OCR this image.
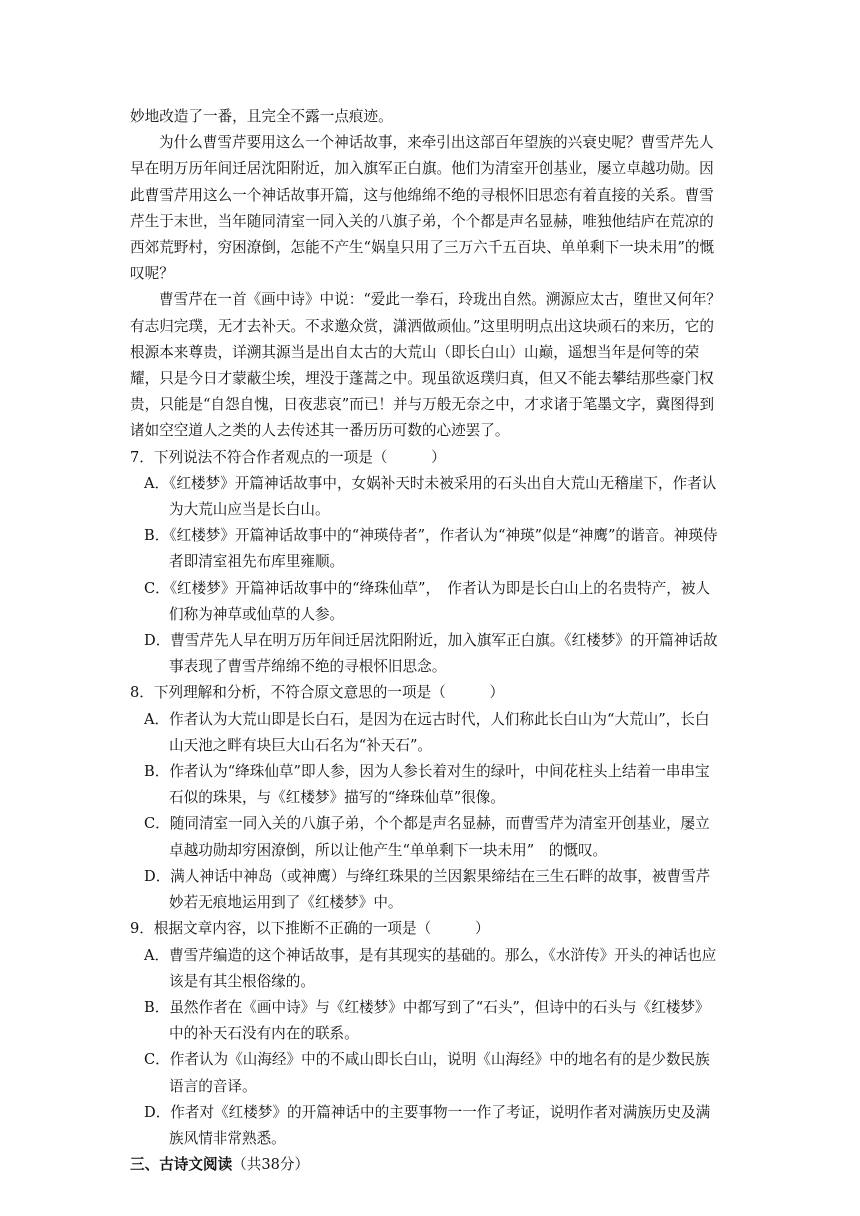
妙地改造了一番，且完全不露一点痕迹。

为什么曹雪芹要用这么一个神话故事，来牵引出这部百年望族的兴衰史呢？曹雪芹先人早在明万历年间迁居沈阳附近，加入旗军正白旗。他们为清室开创基业，屡立卓越功勋。因此曹雪芹用这么一个神话故事开篇，这与他绵绵不绝的寻根怀旧思恋有着直接的关系。曹雪芹生于末世，当年随同清室一同入关的八旗子弟，个个都是声名显赫，唯独他结庐在荒凉的西郊荒野村，穷困潦倒，怎能不产生“娲皇只用了三万六千五百块、单单剩下一块未用”的慨叹呢？

曹雪芹在一首《画中诗》中说：“爱此一拳石，玲珑出自然。溯源应太古，堕世又何年？有志归完璞，无才去补天。不求邀众赏，潇洒做顽仙。”这里明明点出这块顽石的来历，它的根源本来尊贵，详溯其源当是出自太古的大荒山（即长白山）山巅，遥想当年是何等的荣耀，只是今日才蒙蔽尘埃，埋没于蓬蒿之中。现虽欲返璞归真，但又不能去攀结那些豪门权贵，只能是“自怨自愧，日夜悲哀”而已！并与万般无奈之中，才求诸于笔墨文字，冀图得到诸如空空道人之类的人去传述其一番历历可数的心迹罢了。

7．下列说法不符合作者观点的一项是（　　　）

A．《红楼梦》开篇神话故事中，女娲补天时未被采用的石头出自大荒山无稽崖下，作者认为大荒山应当是长白山。

B．《红楼梦》开篇神话故事中的“神瑛侍者”，作者认为“神瑛”似是“神鹰”的谐音。神瑛侍者即清室祖先布库里雍顺。

C．《红楼梦》开篇神话故事中的“绛珠仙草”，　作者认为即是长白山上的名贵特产，被人们称为神草或仙草的人参。

D．曹雪芹先人早在明万历年间迁居沈阳附近，加入旗军正白旗。《红楼梦》的开篇神话故事表现了曹雪芹绵绵不绝的寻根怀旧思念。

8．下列理解和分析，不符合原文意思的一项是（　　　）

A．作者认为大荒山即是长白石，是因为在远古时代，人们称此长白山为“大荒山”，长白山天池之畔有块巨大山石名为“补天石”。

B．作者认为“绛珠仙草”即人参，因为人参长着对生的绿叶，中间花柱头上结着一串串宝石似的珠果，与《红楼梦》描写的“绛珠仙草”很像。

C．随同清室一同入关的八旗子弟，个个都是声名显赫，而曹雪芹为清室开创基业，屡立卓越功勋却穷困潦倒，所以让他产生“单单剩下一块未用”　的慨叹。

D．满人神话中神岛（或神鹰）与绛红珠果的兰因絮果缔结在三生石畔的故事，被曹雪芹妙若无痕地运用到了《红楼梦》中。

9．根据文章内容，以下推断不正确的一项是（　　　）

A．曹雪芹编造的这个神话故事，是有其现实的基础的。那么，《水浒传》开头的神话也应该是有其尘根俗缘的。

B．虽然作者在《画中诗》与《红楼梦》中都写到了“石头”，但诗中的石头与《红楼梦》中的补天石没有内在的联系。

C．作者认为《山海经》中的不咸山即长白山，说明《山海经》中的地名有的是少数民族语言的音译。

D．作者对《红楼梦》的开篇神话中的主要事物一一作了考证，说明作者对满族历史及满族风情非常熟悉。

三、古诗文阅读（共38分）
